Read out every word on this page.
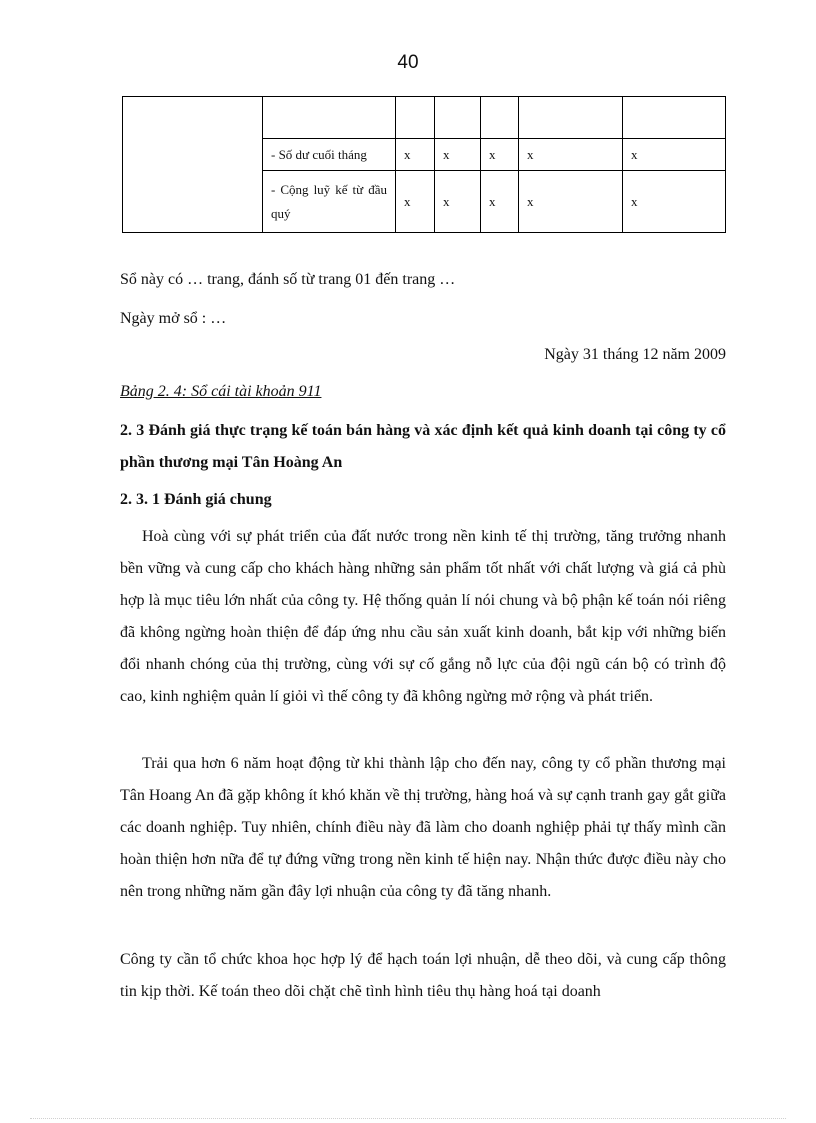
40

	- Số dư cuối tháng	x	x	x	x	x
	- Cộng luỹ kế từ đầu quý	x	x	x	x	x

Sổ này có … trang, đánh số từ trang 01 đến trang …

Ngày mở sổ : …

Ngày 31 tháng 12 năm 2009

Bảng 2. 4: Sổ cái tài khoản 911

2. 3 Đánh giá thực trạng kế toán bán hàng và xác định kết quả kinh doanh tại công ty cổ phần thương mại Tân Hoàng An

2. 3. 1 Đánh giá chung

Hoà cùng với sự phát triển của đất nước trong nền kinh tế thị trường, tăng trưởng nhanh bền vững và cung cấp cho khách hàng những sản phẩm tốt nhất với chất lượng và giá cả phù hợp là mục tiêu lớn nhất của công ty. Hệ thống quản lí nói chung và bộ phận kế toán nói riêng đã không ngừng hoàn thiện để đáp ứng nhu cầu sản xuất kinh doanh, bắt kịp với những biến đổi nhanh chóng của thị trường, cùng với sự cố gắng nỗ lực của đội ngũ cán bộ có trình độ cao, kinh nghiệm quản lí giỏi vì thế công ty đã không ngừng mở rộng và phát triển.

Trải qua hơn 6 năm hoạt động từ khi thành lập cho đến nay, công ty cổ phần thương mại Tân Hoang An đã gặp không ít khó khăn về thị trường, hàng hoá và sự cạnh tranh gay gắt giữa các doanh nghiệp. Tuy nhiên, chính điều này đã làm cho doanh nghiệp phải tự thấy mình cần hoàn thiện hơn nữa để tự đứng vững trong nền kinh tế hiện nay. Nhận thức được điều này cho nên trong những năm gần đây lợi nhuận của công ty đã tăng nhanh.

Công ty cần tổ chức khoa học hợp lý để hạch toán lợi nhuận, dễ theo dõi, và cung cấp thông tin kịp thời. Kế toán theo dõi chặt chẽ tình hình tiêu thụ hàng hoá tại doanh
